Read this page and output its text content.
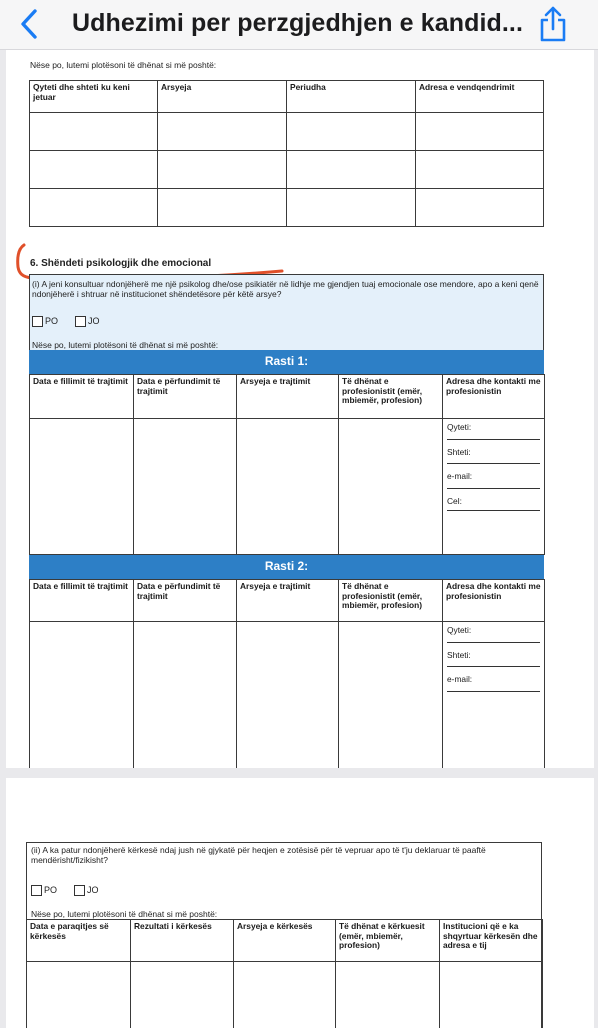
Udhezimi per perzgjedhjen e kandid...
Nëse po, lutemi plotësoni të dhënat si më poshtë:
Qyteti dhe shteti ku keni jetuar	Arsyeja	Periudha	Adresa e vendqendrimit

6. Shëndeti psikologjik dhe emocional
(i) A jeni konsultuar ndonjëherë me një psikolog dhe/ose psikiatër në lidhje me gjendjen tuaj emocionale ose mendore, apo a keni qenë ndonjëherë i shtruar në institucionet shëndetësore për këtë arsye?
PO	JO
Nëse po, lutemi plotësoni të dhënat si më poshtë:
Rasti 1:
Data e fillimit të trajtimit	Data e përfundimit të trajtimit	Arsyeja e trajtimit	Të dhënat e profesionistit (emër, mbiemër, profesion)	Adresa dhe kontakti me profesionistin

				Qyteti:
Shteti:
e-mail:
Cel:
Rasti 2:
Data e fillimit të trajtimit	Data e përfundimit të trajtimit	Arsyeja e trajtimit	Të dhënat e profesionistit (emër, mbiemër, profesion)	Adresa dhe kontakti me profesionistin

				Qyteti:
Shteti:
e-mail:
(ii) A ka patur ndonjëherë kërkesë ndaj jush në gjykatë për heqjen e zotësisë për të vepruar apo të t'ju deklaruar të paaftë mendërisht/fizikisht?
PO	JO
Nëse po, lutemi plotësoni të dhënat si më poshtë:
Data e paraqitjes së kërkesës	Rezultati i kërkesës	Arsyeja e kërkesës	Të dhënat e kërkuesit (emër, mbiemër, profesion)	Institucioni që e ka shqyrtuar kërkesën dhe adresa e tij
